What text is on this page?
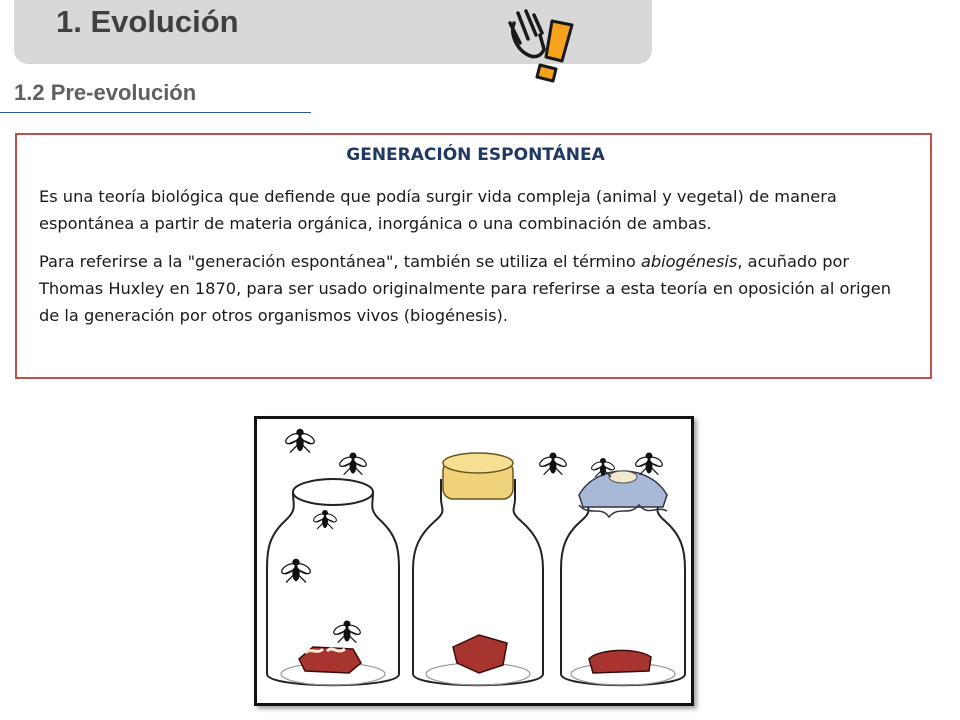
1. Evolución
1.2 Pre-evolución
GENERACIÓN ESPONTÁNEA

Es una teoría biológica que defiende que podía surgir vida compleja (animal y vegetal) de manera espontánea a partir de materia orgánica, inorgánica o una combinación de ambas.

Para referirse a la "generación espontánea", también se utiliza el término abiogénesis, acuñado por Thomas Huxley en 1870, para ser usado originalmente para referirse a esta teoría en oposición al origen de la generación por otros organismos vivos (biogénesis).
